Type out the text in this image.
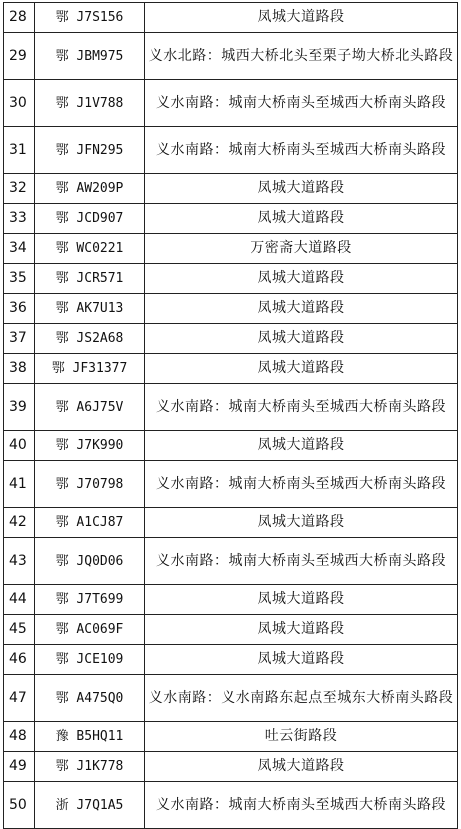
28	鄂 J7S156	凤城大道路段
29	鄂 JBM975	义水北路：城西大桥北头至栗子坳大桥北头路段
30	鄂 J1V788	义水南路：城南大桥南头至城西大桥南头路段
31	鄂 JFN295	义水南路：城南大桥南头至城西大桥南头路段
32	鄂 AW209P	凤城大道路段
33	鄂 JCD907	凤城大道路段
34	鄂 WC0221	万密斋大道路段
35	鄂 JCR571	凤城大道路段
36	鄂 AK7U13	凤城大道路段
37	鄂 JS2A68	凤城大道路段
38	鄂 JF31377	凤城大道路段
39	鄂 A6J75V	义水南路：城南大桥南头至城西大桥南头路段
40	鄂 J7K990	凤城大道路段
41	鄂 J70798	义水南路：城南大桥南头至城西大桥南头路段
42	鄂 A1CJ87	凤城大道路段
43	鄂 JQ0D06	义水南路：城南大桥南头至城西大桥南头路段
44	鄂 J7T699	凤城大道路段
45	鄂 AC069F	凤城大道路段
46	鄂 JCE109	凤城大道路段
47	鄂 A475Q0	义水南路：义水南路东起点至城东大桥南头路段
48	豫 B5HQ11	吐云街路段
49	鄂 J1K778	凤城大道路段
50	浙 J7Q1A5	义水南路：城南大桥南头至城西大桥南头路段
